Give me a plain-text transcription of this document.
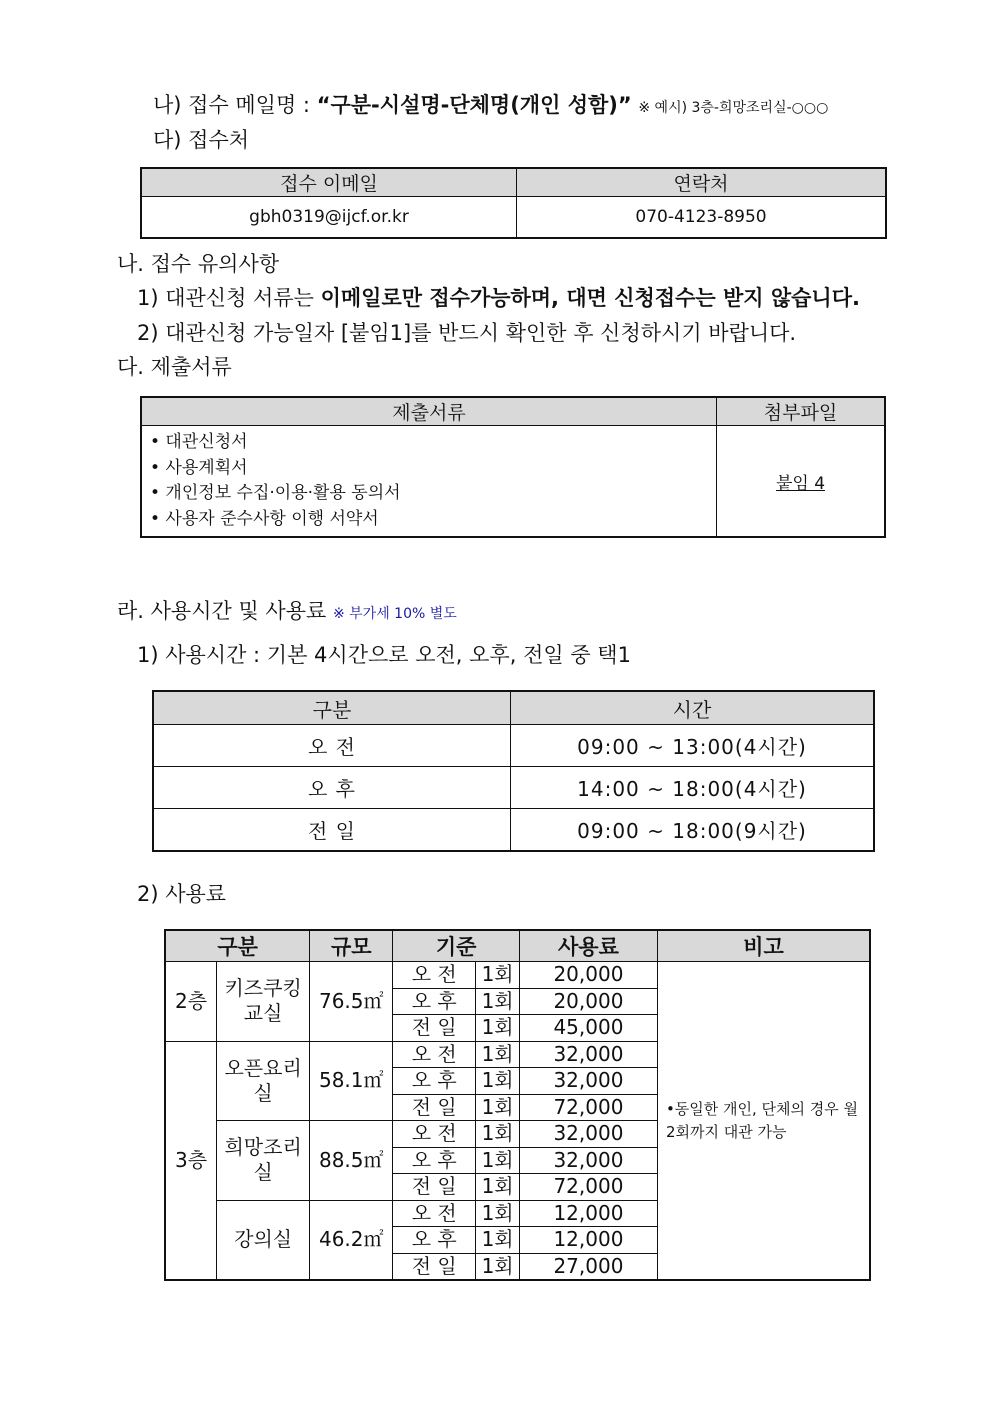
나) 접수 메일명 : “구분-시설명-단체명(개인 성함)” ※ 예시) 3층-희망조리실-○○○
다) 접수처
접수 이메일	연락처
gbh0319@ijcf.or.kr	070-4123-8950
나. 접수 유의사항
1) 대관신청 서류는 이메일로만 접수가능하며, 대면 신청접수는 받지 않습니다.
2) 대관신청 가능일자 [붙임1]를 반드시 확인한 후 신청하시기 바랍니다.
다. 제출서류
제출서류	첨부파일

• 대관신청서
• 사용계획서
• 개인정보 수집·이용·활용 동의서
• 사용자 준수사항 이행 서약서	붙임 4
라. 사용시간 및 사용료 ※ 부가세 10% 별도
1) 사용시간 : 기본 4시간으로 오전, 오후, 전일 중 택1
구분	시간
오 전	09:00 ~ 13:00(4시간)
오 후	14:00 ~ 18:00(4시간)
전 일	09:00 ~ 18:00(9시간)
2) 사용료
구분		규모	기준		사용료	비고
2층	키즈쿠킹교실	76.5㎡	오 전	1회	20,000	•동일한 개인, 단체의 경우 월 2회까지 대관 가능
			오 후	1회	20,000	
			전 일	1회	45,000	
3층	오픈요리실	58.1㎡	오 전	1회	32,000	
			오 후	1회	32,000	
			전 일	1회	72,000	
	희망조리실	88.5㎡	오 전	1회	32,000	
			오 후	1회	32,000	
			전 일	1회	72,000	
	강의실	46.2㎡	오 전	1회	12,000	
			오 후	1회	12,000	
			전 일	1회	27,000	
